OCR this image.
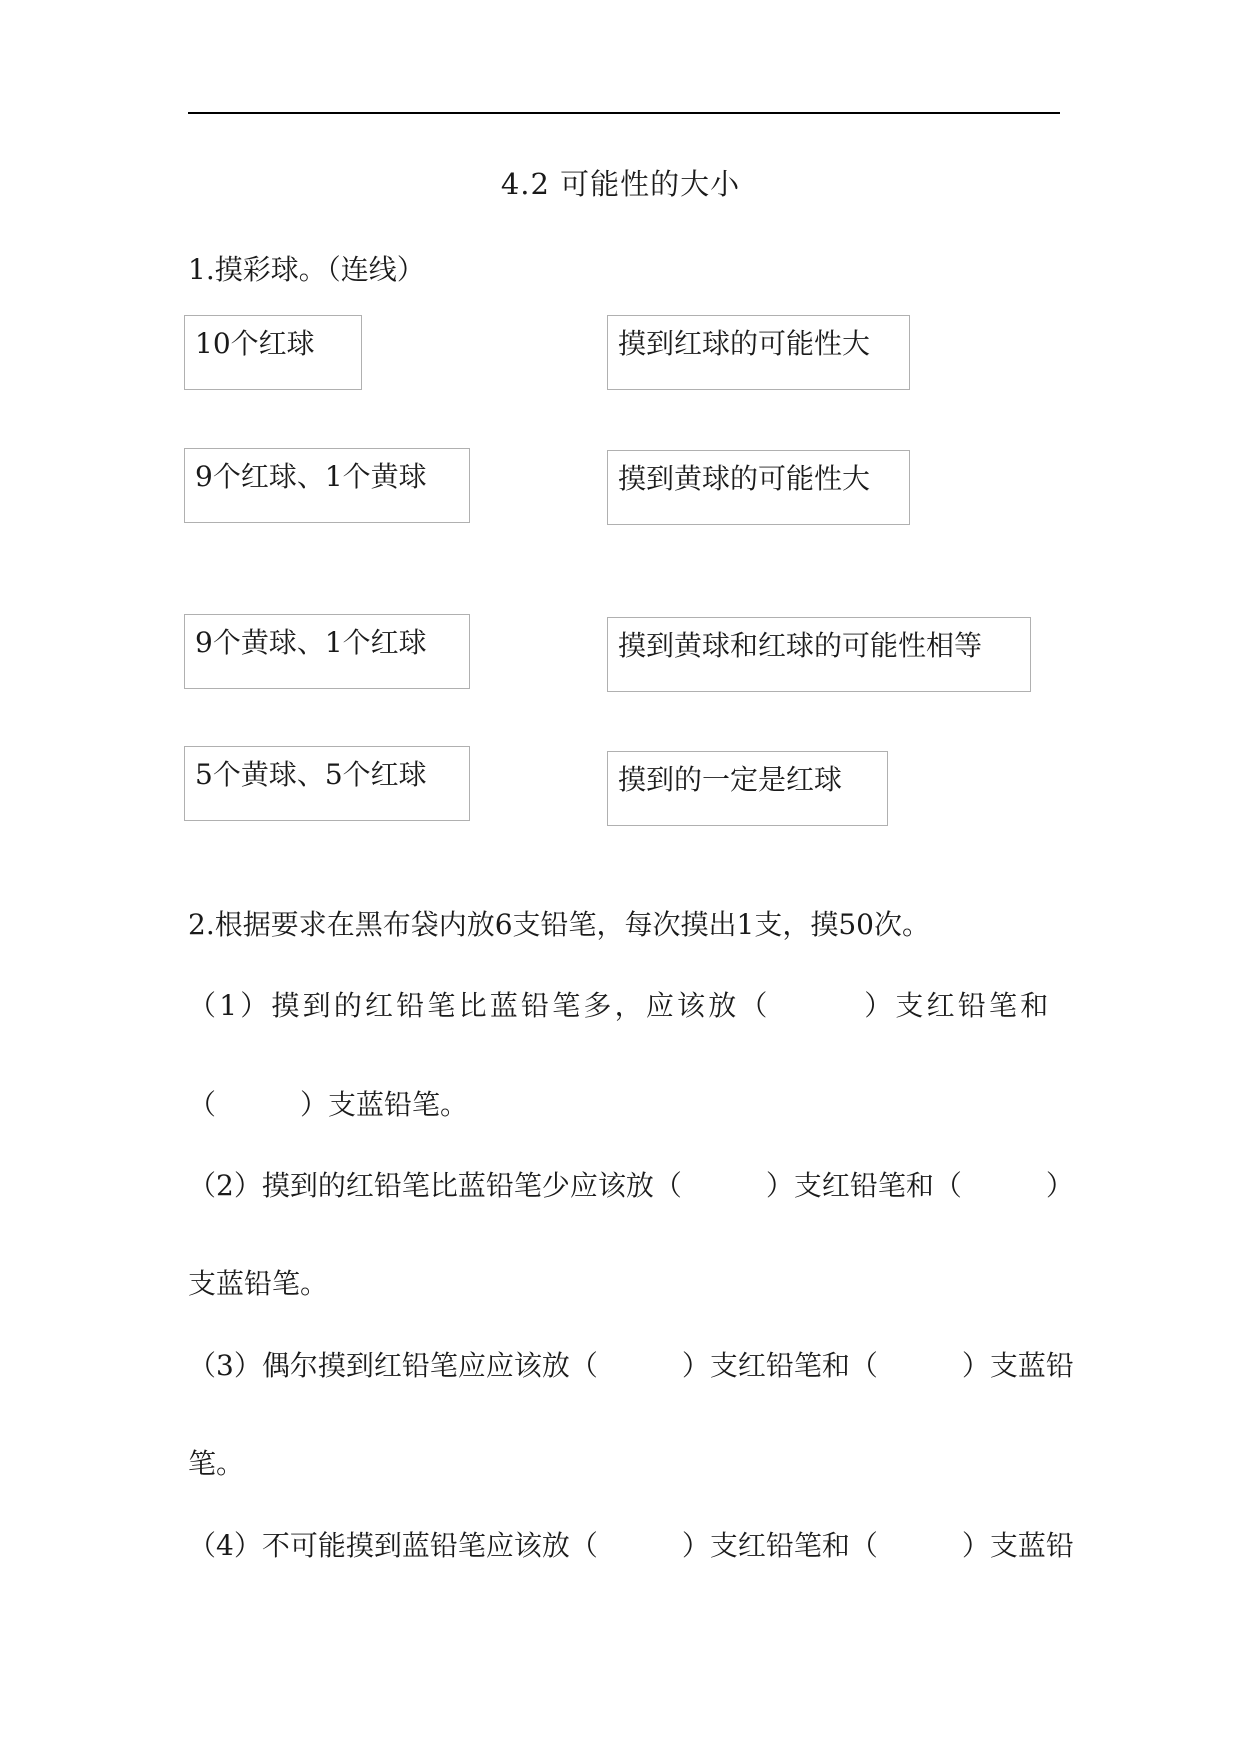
4.2 可能性的大小
1.摸彩球。（连线）
10个红球
9个红球、1个黄球
9个黄球、1个红球
5个黄球、5个红球
摸到红球的可能性大
摸到黄球的可能性大
摸到黄球和红球的可能性相等
摸到的一定是红球
2.根据要求在黑布袋内放6支铅笔，每次摸出1支，摸50次。
（1）摸到的红铅笔比蓝铅笔多，应该放（　　　）支红铅笔和
（　　　）支蓝铅笔。
（2）摸到的红铅笔比蓝铅笔少应该放（　　　）支红铅笔和（　　　）
支蓝铅笔。
（3）偶尔摸到红铅笔应应该放（　　　）支红铅笔和（　　　）支蓝铅
笔。
（4）不可能摸到蓝铅笔应该放（　　　）支红铅笔和（　　　）支蓝铅
